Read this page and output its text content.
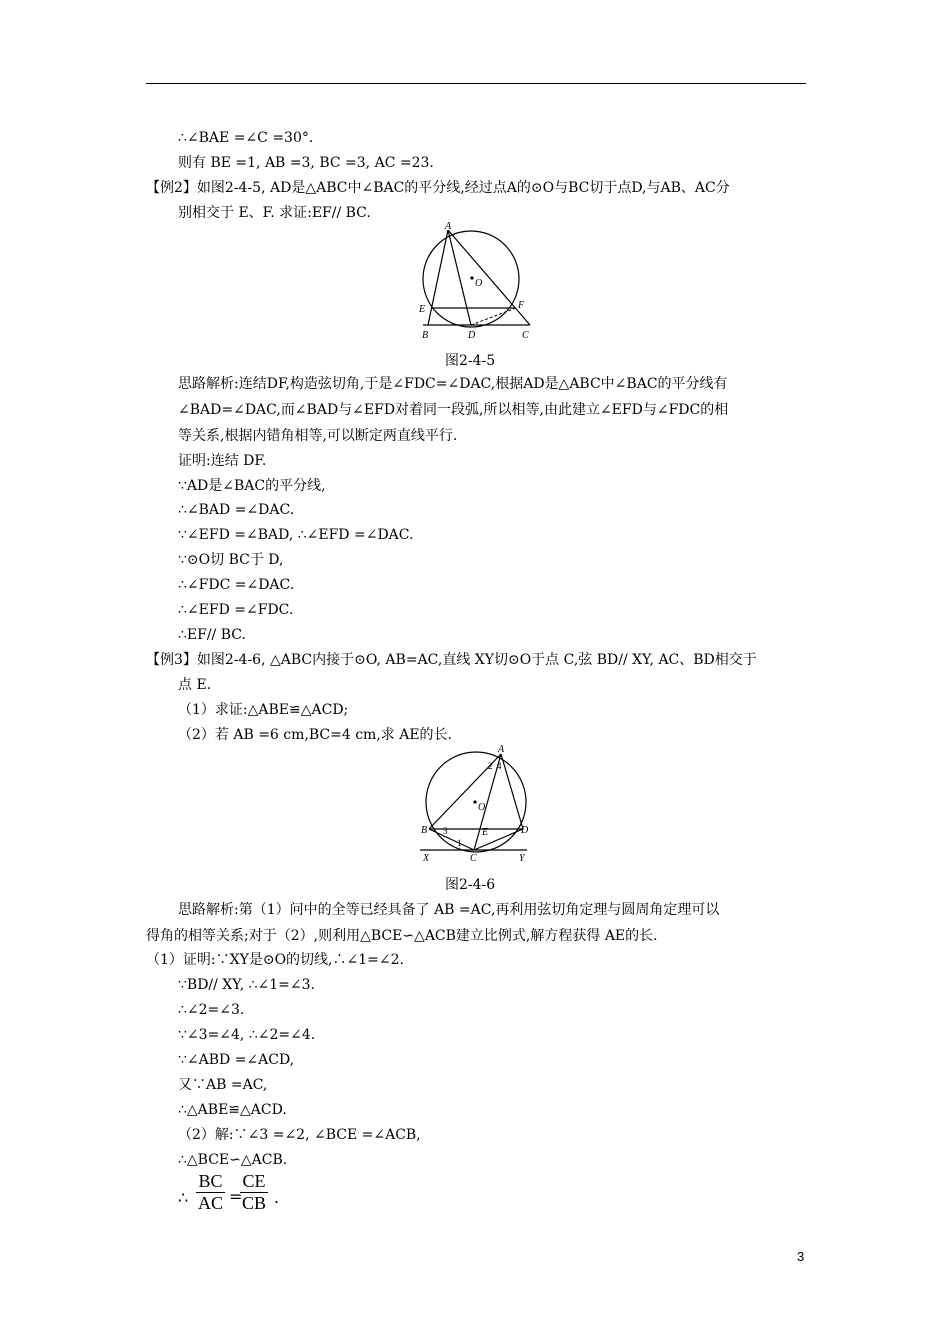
∴∠BAE =∠C =30°．
则有 BE =1, AB =3, BC =3, AC =23.
【例2】如图2-4-5, AD是△ABC中∠BAC的平分线,经过点A的⊙O与BC切于点D,与AB、AC分
别相交于 E、F. 求证:EF// BC.
A
O
E	F
B	D	C
图2-4-5
思路解析:连结DF,构造弦切角,于是∠FDC=∠DAC,根据AD是△ABC中∠BAC的平分线有
∠BAD=∠DAC,而∠BAD与∠EFD对着同一段弧,所以相等,由此建立∠EFD与∠FDC的相
等关系,根据内错角相等,可以断定两直线平行.
证明:连结 DF.
∵AD是∠BAC的平分线,
∴∠BAD =∠DAC.
∵∠EFD =∠BAD, ∴∠EFD =∠DAC.
∵⊙O切 BC于 D,
∴∠FDC =∠DAC.
∴∠EFD =∠FDC.
∴EF// BC.
【例3】如图2-4-6, △ABC内接于⊙O, AB=AC,直线 XY切⊙O于点 C,弦 BD// XY, AC、BD相交于
点 E.
（1）求证:△ABE≌△ACD;
（2）若 AB =6 cm,BC=4 cm,求 AE的长.
A
2 4
O
B 3	E	D
1
X	C	Y
图2-4-6
思路解析:第（1）问中的全等已经具备了 AB =AC,再利用弦切角定理与圆周角定理可以
得角的相等关系;对于（2）,则利用△BCE∽△ACB建立比例式,解方程获得 AE的长.
（1）证明:∵XY是⊙O的切线,∴∠1=∠2.
∵BD// XY, ∴∠1=∠3.
∴∠2=∠3.
∵∠3=∠4, ∴∠2=∠4.
∵∠ABD =∠ACD,
又∵AB =AC,
∴△ABE≌△ACD.
（2）解:∵∠3 =∠2, ∠BCE =∠ACB,
∴△BCE∽△ACB.
∴
BC
AC =
CE
CB .
3
